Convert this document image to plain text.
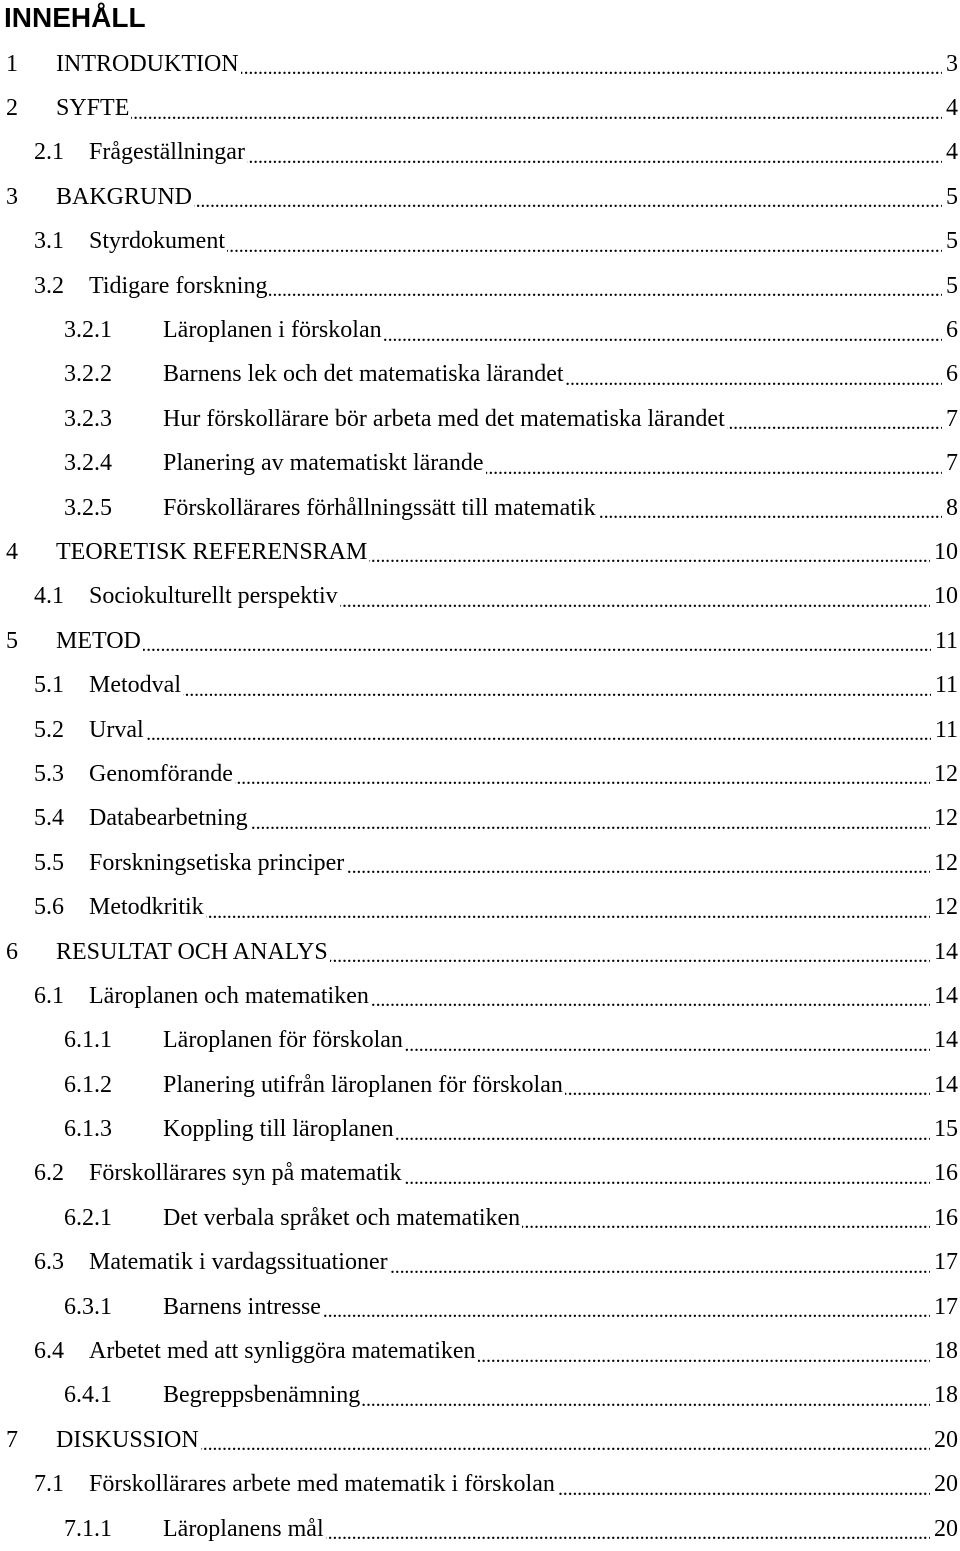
INNEHÅLL
1	INTRODUKTION . . .	3
2	SYFTE . . .	4
2.1	Frågeställningar . . .	4
3	BAKGRUND . . .	5
3.1	Styrdokument . . .	5
3.2	Tidigare forskning . . .	5
3.2.1	Läroplanen i förskolan . . .	6
3.2.2	Barnens lek och det matematiska lärandet . . .	6
3.2.3	Hur förskollärare bör arbeta med det matematiska lärandet . . .	7
3.2.4	Planering av matematiskt lärande . . .	7
3.2.5	Förskollärares förhållningssätt till matematik . . .	8
4	TEORETISK REFERENSRAM . . .	10
4.1	Sociokulturellt perspektiv . . .	10
5	METOD . . .	11
5.1	Metodval . . .	11
5.2	Urval . . .	11
5.3	Genomförande . . .	12
5.4	Databearbetning . . .	12
5.5	Forskningsetiska principer . . .	12
5.6	Metodkritik . . .	12
6	RESULTAT OCH ANALYS . . .	14
6.1	Läroplanen och matematiken . . .	14
6.1.1	Läroplanen för förskolan . . .	14
6.1.2	Planering utifrån läroplanen för förskolan . . .	14
6.1.3	Koppling till läroplanen . . .	15
6.2	Förskollärares syn på matematik . . .	16
6.2.1	Det verbala språket och matematiken . . .	16
6.3	Matematik i vardagssituationer . . .	17
6.3.1	Barnens intresse . . .	17
6.4	Arbetet med att synliggöra matematiken . . .	18
6.4.1	Begreppsbenämning . . .	18
7	DISKUSSION . . .	20
7.1	Förskollärares arbete med matematik i förskolan . . .	20
7.1.1	Läroplanens mål . . .	20
